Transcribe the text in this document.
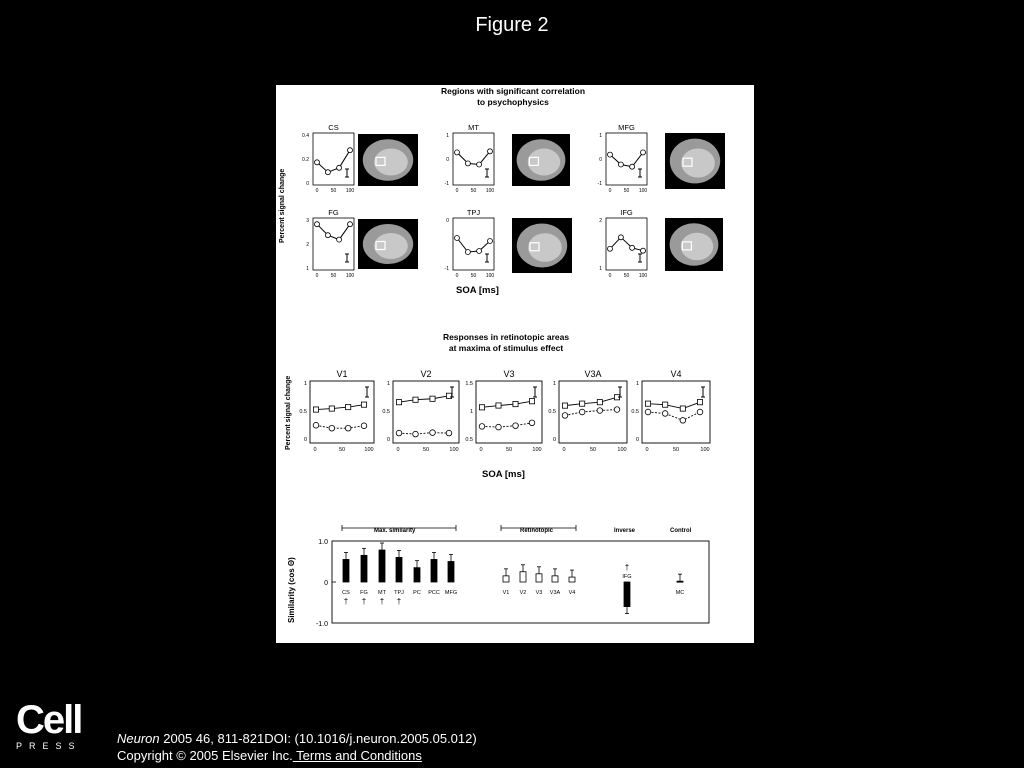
Figure 2
Regions with significant correlation
to psychophysics
Percent signal change
SOA [ms]
Responses in retinotopic areas
at maxima of stimulus effect
Percent signal change
SOA [ms]
Similarity (cos Θ)
Max. similarity	Retinotopic	Inverse	Control
1.0
0
-1.0
CS
0.4
0.2
0
0 50 100
MT
1
0
-1
0 50 100
MFG
1
0
-1
0 50 100
FG
3
2
1
0 50 100
TPJ
0
-1
0 50 100
IFG
2
1
0 50 100
V1
1
0.5
0
0	50	100
V2
1
0.5
0
0	50	100
V3
1.5
1
0.5
0	50	100
V3A
1
0.5
0
0	50	100
V4
1
0.5
0
0	50	100
CS
†
FG
†
MT
†
TPJ
†
PC PCC MFG	V1 V2 V3 V3A V4
IFG
†
MC
A
B
C
Cell
PRESS	Neuron 2005 46, 811-821DOI: (10.1016/j.neuron.2005.05.012)
Copyright © 2005 Elsevier Inc. Terms and Conditions
